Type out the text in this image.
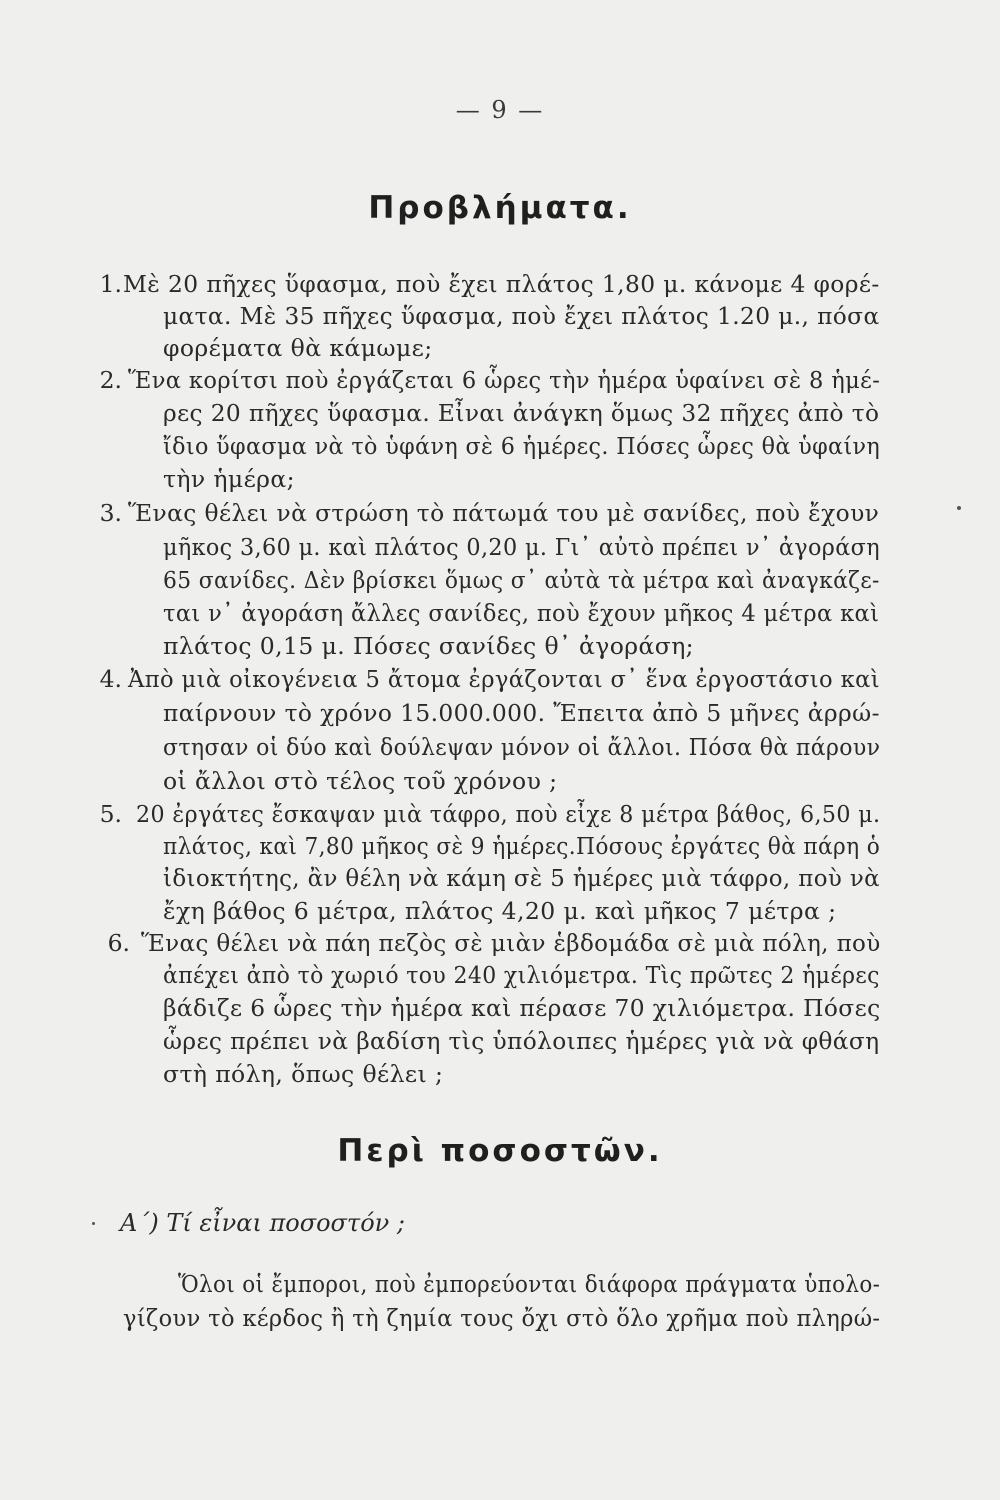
— 9 —
Προβλήματα.
1. Μὲ 20 πῆχες ὕφασμα, ποὺ ἔχει πλάτος 1,80 μ. κάνομε 4 φορέ-
ματα. Μὲ 35 πῆχες ὕφασμα, ποὺ ἔχει πλάτος 1.20 μ., πόσα
φορέματα θὰ κάμωμε;
2. Ἕνα κορίτσι ποὺ ἐργάζεται 6 ὧρες τὴν ἡμέρα ὑφαίνει σὲ 8 ἡμέ-
ρες 20 πῆχες ὕφασμα. Εἶναι ἀνάγκη ὅμως 32 πῆχες ἀπὸ τὸ
ἴδιο ὕφασμα νὰ τὸ ὑφάνη σὲ 6 ἡμέρες. Πόσες ὧρες θὰ ὑφαίνη
τὴν ἡμέρα;
3. Ἕνας θέλει νὰ στρώση τὸ πάτωμά του μὲ σανίδες, ποὺ ἔχουν
μῆκος 3,60 μ. καὶ πλάτος 0,20 μ. Γι᾿ αὐτὸ πρέπει ν᾿ ἀγοράση
65 σανίδες. Δὲν βρίσκει ὅμως σ᾿ αὐτὰ τὰ μέτρα καὶ ἀναγκάζε-
ται ν᾿ ἀγοράση ἄλλες σανίδες, ποὺ ἔχουν μῆκος 4 μέτρα καὶ
πλάτος 0,15 μ. Πόσες σανίδες θ᾿ ἀγοράση;
4. Ἀπὸ μιὰ οἰκογένεια 5 ἄτομα ἐργάζονται σ᾿ ἕνα ἐργοστάσιο καὶ
παίρνουν τὸ χρόνο 15.000.000. Ἔπειτα ἀπὸ 5 μῆνες ἀρρώ-
στησαν οἱ δύο καὶ δούλεψαν μόνον οἱ ἄλλοι. Πόσα θὰ πάρουν
οἱ ἄλλοι στὸ τέλος τοῦ χρόνου ;
5. 20 ἐργάτες ἔσκαψαν μιὰ τάφρο, ποὺ εἶχε 8 μέτρα βάθος, 6,50 μ.
πλάτος, καὶ 7,80 μῆκος σὲ 9 ἡμέρες.Πόσους ἐργάτες θὰ πάρη ὁ
ἰδιοκτήτης, ἂν θέλη νὰ κάμη σὲ 5 ἡμέρες μιὰ τάφρο, ποὺ νὰ
ἔχη βάθος 6 μέτρα, πλάτος 4,20 μ. καὶ μῆκος 7 μέτρα ;
6. Ἕνας θέλει νὰ πάη πεζὸς σὲ μιὰν ἑβδομάδα σὲ μιὰ πόλη, ποὺ
ἀπέχει ἀπὸ τὸ χωριό του 240 χιλιόμετρα. Τὶς πρῶτες 2 ἡμέρες
βάδιζε 6 ὧρες τὴν ἡμέρα καὶ πέρασε 70 χιλιόμετρα. Πόσες
ὧρες πρέπει νὰ βαδίση τὶς ὑπόλοιπες ἡμέρες γιὰ νὰ φθάση
στὴ πόλη, ὅπως θέλει ;
Περὶ ποσοστῶν.
Α΄) Τί εἶναι ποσοστόν ;
Ὅλοι οἱ ἔμποροι, ποὺ ἐμπορεύονται διάφορα πράγματα ὑπολο-
γίζουν τὸ κέρδος ἢ τὴ ζημία τους ὄχι στὸ ὅλο χρῆμα ποὺ πληρώ-
